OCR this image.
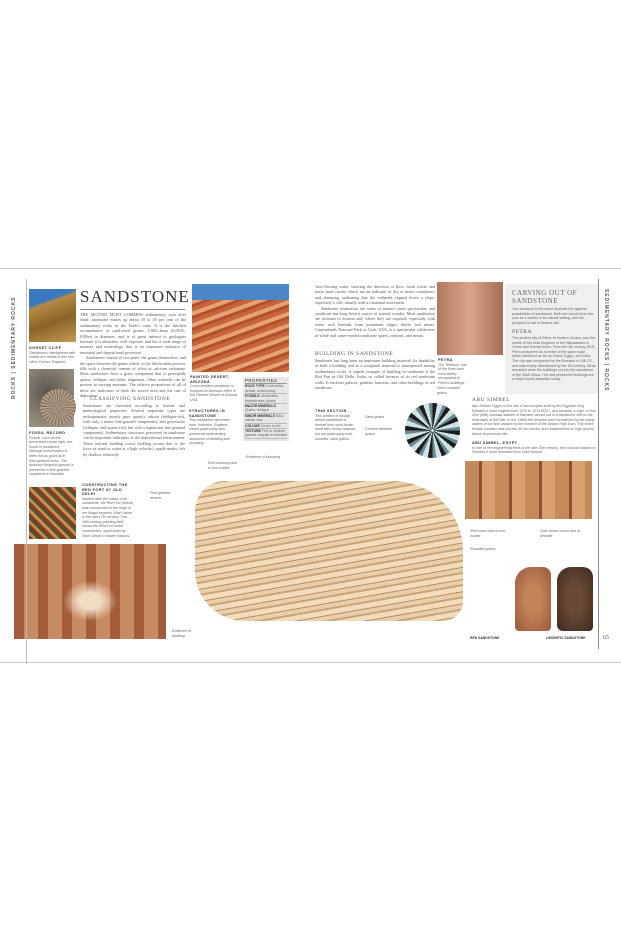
ROCKS | SEDIMENTARY ROCKS	DORSET CLIFF
Sandstones interlayered with shales are visible in this sea cliff in Dorset, England.
FOSSIL RECORD
Fossils, such as the ammonoid shown right, are found in sandstone, although preservation is often not as good as in finer-grained rocks. The dinosaur footprint (above) is preserved in fine-grained sandstone in Namibia.
SANDSTONE

THE SECOND MOST COMMON sedimentary rock after shale, sandstone makes up about 10 to 20 per cent of the sedimentary rocks in the Earth's crust. It is the lithified accumulation of sand-sized grains, 0.063–2mm (0.0025–0.08in) in diameter, and is of great interest to geologists because it is abundant, well exposed, and has a wide range of textures and mineralogy that is an important indicator of erosional and depositional processes.

Sandstones consist of two parts: the grains themselves, and the space between the grains which, in the lithification process, fills with a chemical cement of silica or calcium carbonate. Most sandstones have a grain component that is principally quartz, feldspar, and lithic fragments. Other minerals can be present in varying amounts. The relative proportions of all of these are indicators of both the source area and the rate of deposition.

CLASSIFYING SANDSTONE
Sandstones are classified according to texture and mineralogical properties. Several important types are orthoquartzite (nearly pure quartz); arkose (feldspar-rich, with only a minor fine-grained component); and greywacke (feldspar- and quartz-rich, but with a significant fine-grained component). Sedimentary structures preserved in sandstone can be important indicators of the depositional environment. These include bedding (cross bedding occurs due to the force of wind or water at a high velocity), ripple marks, left by shallow, relatively
PAINTED DESERT, ARIZONA
Cross-bedded sandstone is exposed to dramatic effect in the Painted Desert of Arizona, USA.
PROPERTIES
ROCK TYPE Continental, detrital, sedimentary
FOSSILS Vertebrates, invertebrates, plants
MAJOR MINERALS Quartz, feldspar
MINOR MINERALS Mica, calcite, clay
COLOUR Cream to red
TEXTURE Fine to medium grained, angular to rounded
STRUCTURES IN SANDSTONE
This sandstone specimen from Yorkshire, England, shows particularly well-preserved sedimentary structures of bedding and slumping.
CONSTRUCTING THE RED FORT AT OLD DELHI
Named after the colour of its sandstone, the Red Fort (below) was constructed in the reign of the Mogul emperor Shah Jahan in the mid-17th century. This 16th-century painting (left) shows the Red Fort under construction, supervised by Shah Jahan's master masons.
Fine-grained texture
Red colouring due to iron oxides
Evidence of slumping
Evidence of bedding

slow-flowing water, showing the direction of flow; fossil tracks and trails; mud cracks, which are an indicator of dry or desert conditions; and slumping, indicating that the sediment slipped down a slope, especially a cliff, usually with a rotational movement.

Sandstone formations are some of nature's most spectacular, and sandstone has long been a source of natural wonder. Most sandstones are resistant to erosion and, where they are exposed, especially with softer rock beneath, form prominent ridges, bluffs, and mesas. Canyonlands National Park in Utah, USA, is a spectacular wilderness of wind- and water-eroded sandstone spires, canyons, and mesas.

BUILDING IN SANDSTONE
Sandstone has long been an important building material. Its durability as both a building and as a sculptural material is unsurpassed among sedimentary rocks. A superb example of building in sandstone is the Red Fort in Old Delhi, India, so called because of its red sandstone walls. It encloses palaces, gardens, barracks, and other buildings of red sandstone.
THIN SECTION
This section of Navajo desert sandstone is formed from wind-blown sand with clearly outlined, but not particularly well-rounded, sand grains.
Sand grains
Cement between grains
Semi-rounded grains
PETRA
The Treasury, one of the finest and most widely recognized of Petra's buildings.
CARVING OUT OF SANDSTONE
Two locations in the world illustrate the ageless possibilities of sandstone. Both are carved from the rock as it stands in its natural setting, and the prospect is hair to feature still.
PETRA
The ancient city of Petra, in modern Jordan, was the centre of the Arab kingdom of the Nabataeans in Greek and Roman times. From the 4th century BCE, Petra prospered as a centre of the spice trade, which stretched as far as China, Egypt, and India. The city was conquered by the Romans in 106 CE, and was mostly abandoned by the 7th century. What remained were the buildings cut into the sandstone of the Wadi Musa. The well-preserved buildings are a major tourist attraction today.
ABU SIMBEL
Abu Simbel, Egypt, is the site of two temples built by the Egyptian king Ramses II (who reigned from 1279 to 1213 BCE), and consists, in part, of four 20m (65ft) colossal statues of Ramses carved out of a sandstone cliff on the west bank of the Nile. In the 1960s the temples were threatened by the rising waters of the Nile caused by the erection of the Aswan High Dam. The entire temple complex was cut into 30-ton blocks, and reassembled on high ground above its previous site.
ABU SIMBEL, EGYPT
In one of the engineering feats of the late 20th century, the colossal statues of Ramses II were relocated from Lake Nasser.
Red colour due to iron oxides
Rounded grains
Dark brown colour due to limonite
RED SANDSTONE	LIMONITIC SANDSTONE
SEDIMENTARY ROCKS | ROCKS
65
